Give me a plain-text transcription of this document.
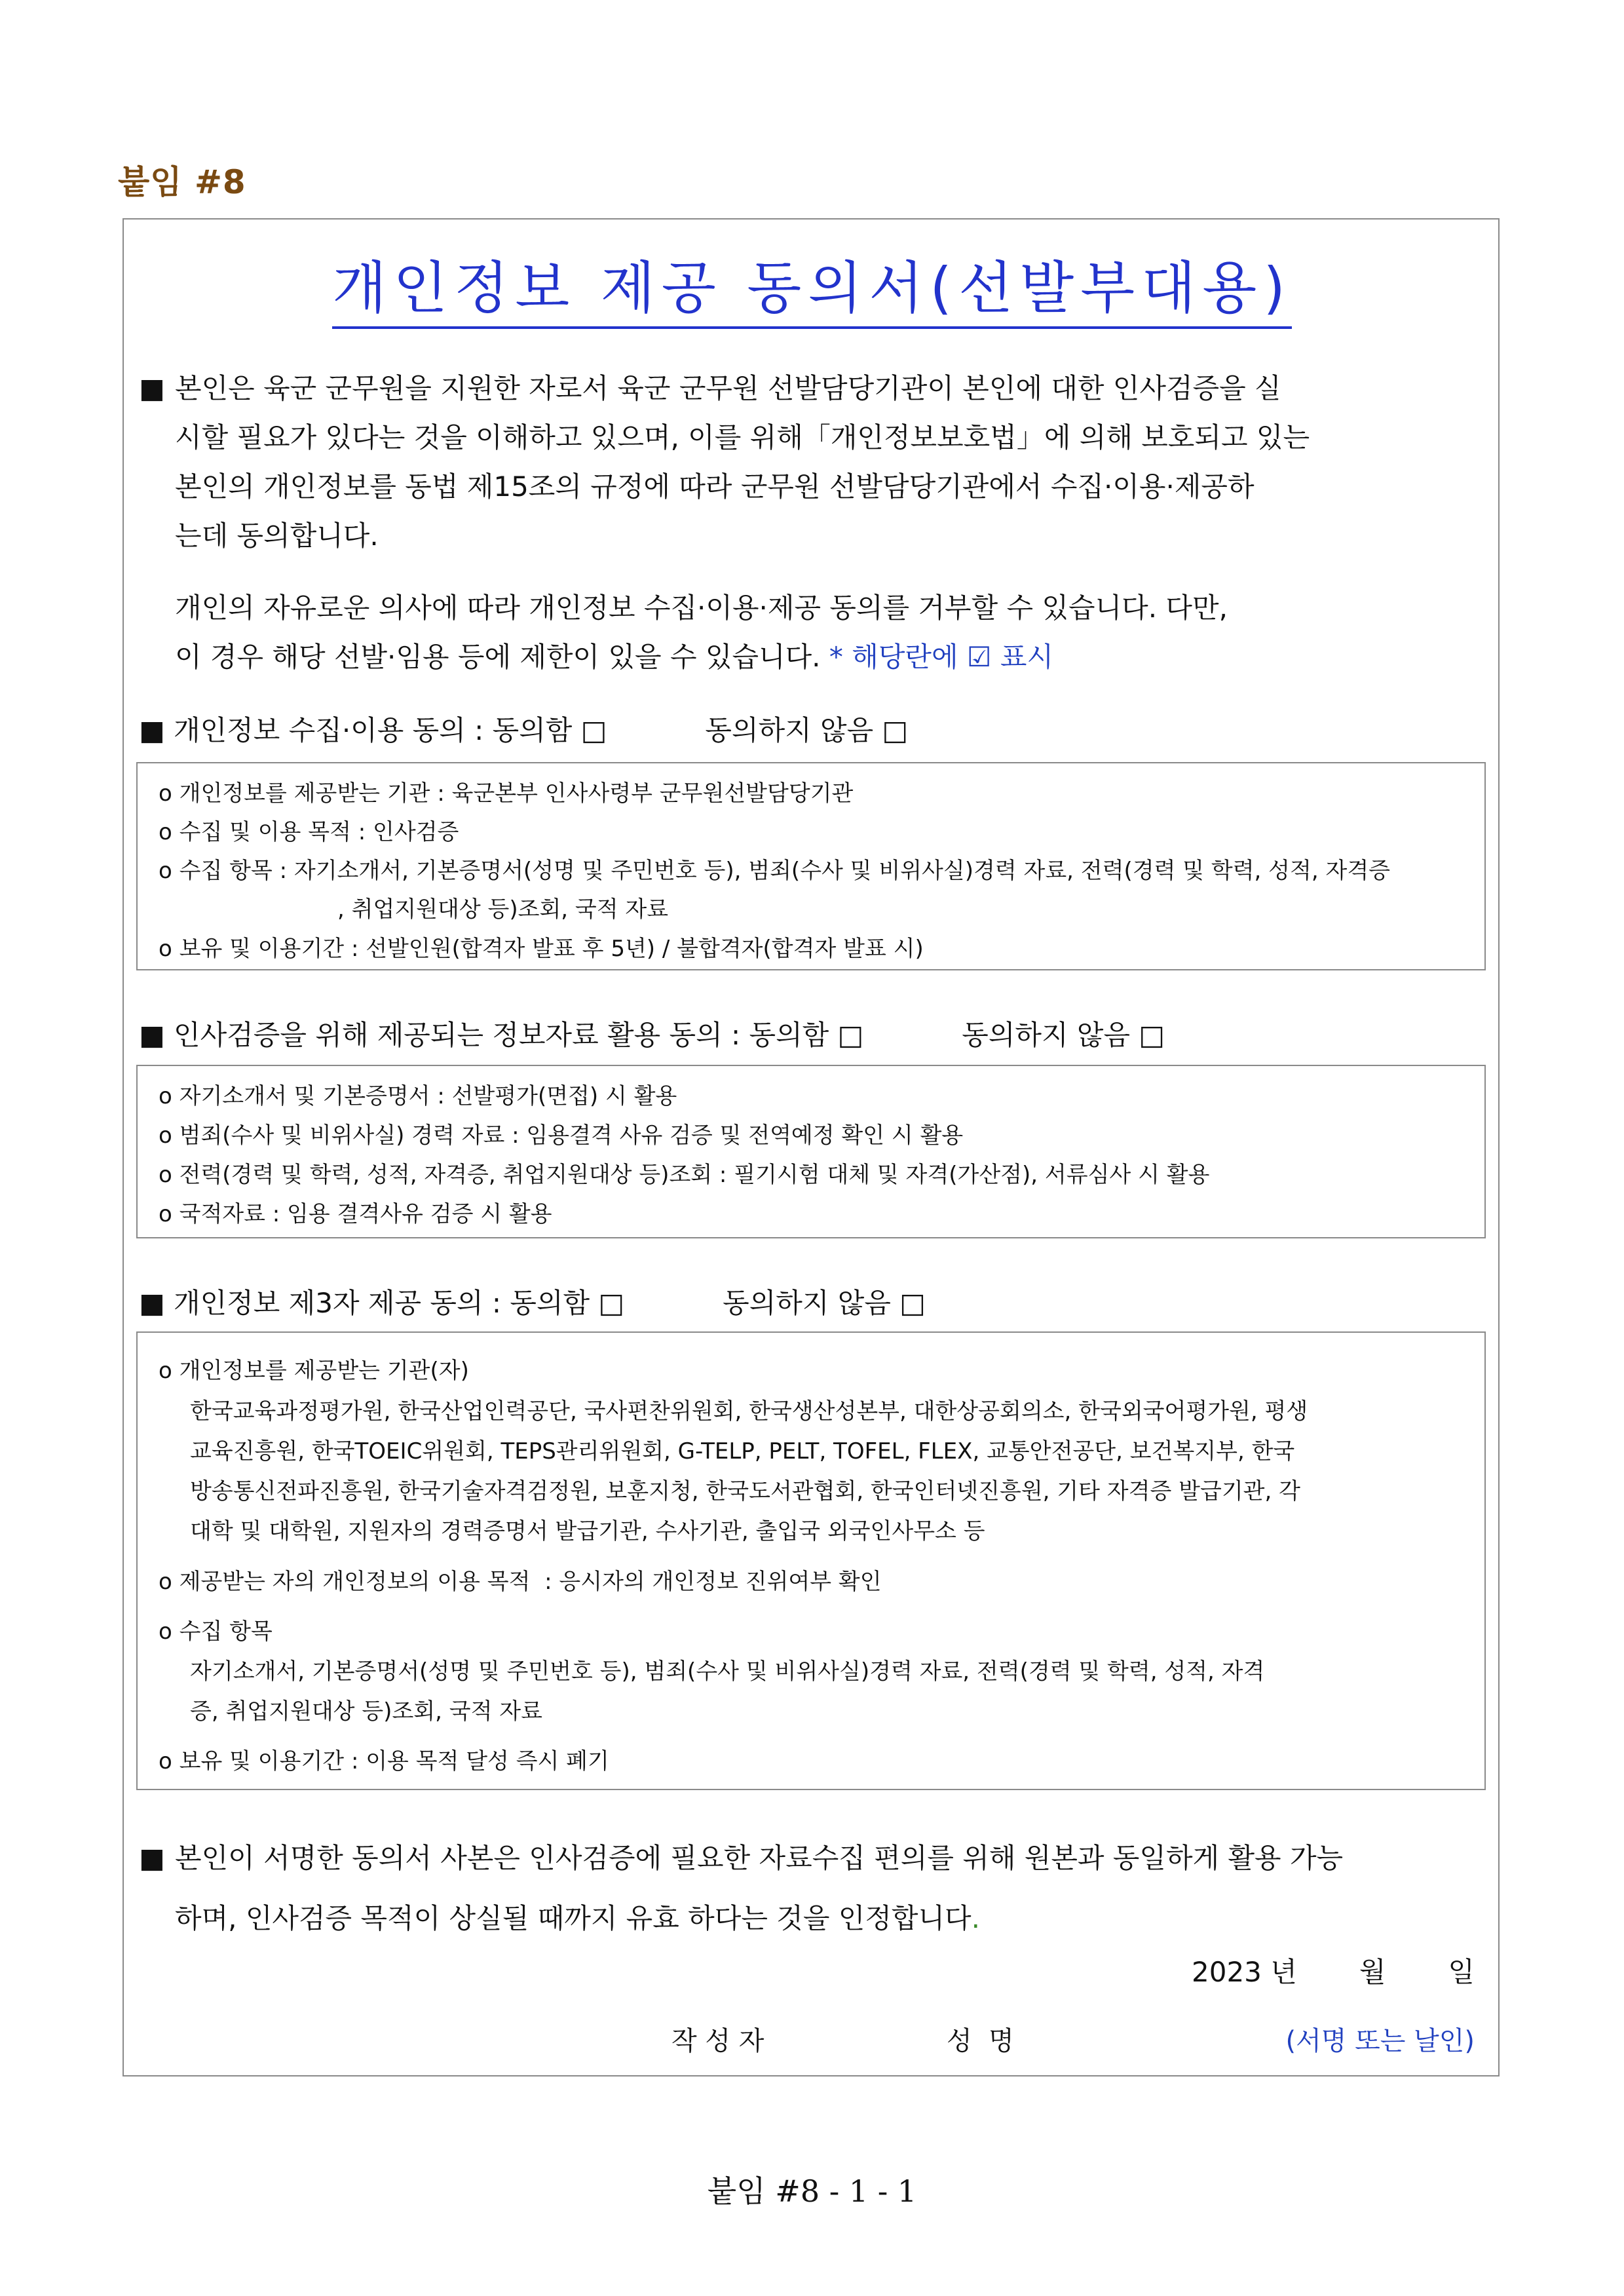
붙임 #8
개인정보 제공 동의서(선발부대용)
■ 본인은 육군 군무원을 지원한 자로서 육군 군무원 선발담당기관이 본인에 대한 인사검증을 실
시할 필요가 있다는 것을 이해하고 있으며, 이를 위해「개인정보보호법」에 의해 보호되고 있는
본인의 개인정보를 동법 제15조의 규정에 따라 군무원 선발담당기관에서 수집·이용·제공하
는데 동의합니다.
개인의 자유로운 의사에 따라 개인정보 수집·이용·제공 동의를 거부할 수 있습니다. 다만,
이 경우 해당 선발·임용 등에 제한이 있을 수 있습니다. * 해당란에 ☑ 표시
■ 개인정보 수집·이용 동의 : 동의함 □	동의하지 않음 □
o 개인정보를 제공받는 기관 : 육군본부 인사사령부 군무원선발담당기관
o 수집 및 이용 목적 : 인사검증
o 수집 항목 : 자기소개서, 기본증명서(성명 및 주민번호 등), 범죄(수사 및 비위사실)경력 자료, 전력(경력 및 학력, 성적, 자격증
, 취업지원대상 등)조회, 국적 자료
o 보유 및 이용기간 : 선발인원(합격자 발표 후 5년) / 불합격자(합격자 발표 시)
■ 인사검증을 위해 제공되는 정보자료 활용 동의 : 동의함 □	동의하지 않음 □
o 자기소개서 및 기본증명서 : 선발평가(면접) 시 활용
o 범죄(수사 및 비위사실) 경력 자료 : 임용결격 사유 검증 및 전역예정 확인 시 활용
o 전력(경력 및 학력, 성적, 자격증, 취업지원대상 등)조회 : 필기시험 대체 및 자격(가산점), 서류심사 시 활용
o 국적자료 : 임용 결격사유 검증 시 활용
■ 개인정보 제3자 제공 동의 : 동의함 □	동의하지 않음 □
o 개인정보를 제공받는 기관(자)
한국교육과정평가원, 한국산업인력공단, 국사편찬위원회, 한국생산성본부, 대한상공회의소, 한국외국어평가원, 평생
교육진흥원, 한국TOEIC위원회, TEPS관리위원회, G-TELP, PELT, TOFEL, FLEX, 교통안전공단, 보건복지부, 한국
방송통신전파진흥원, 한국기술자격검정원, 보훈지청, 한국도서관협회, 한국인터넷진흥원, 기타 자격증 발급기관, 각
대학 및 대학원, 지원자의 경력증명서 발급기관, 수사기관, 출입국 외국인사무소 등
o 제공받는 자의 개인정보의 이용 목적  : 응시자의 개인정보 진위여부 확인
o 수집 항목
자기소개서, 기본증명서(성명 및 주민번호 등), 범죄(수사 및 비위사실)경력 자료, 전력(경력 및 학력, 성적, 자격
증, 취업지원대상 등)조회, 국적 자료
o 보유 및 이용기간 : 이용 목적 달성 즉시 폐기
■ 본인이 서명한 동의서 사본은 인사검증에 필요한 자료수집 편의를 위해 원본과 동일하게 활용 가능
하며, 인사검증 목적이 상실될 때까지 유효 하다는 것을 인정합니다.
2023 년 월 일
작 성 자	성  명	(서명 또는 날인)
붙임 #8 - 1 - 1
